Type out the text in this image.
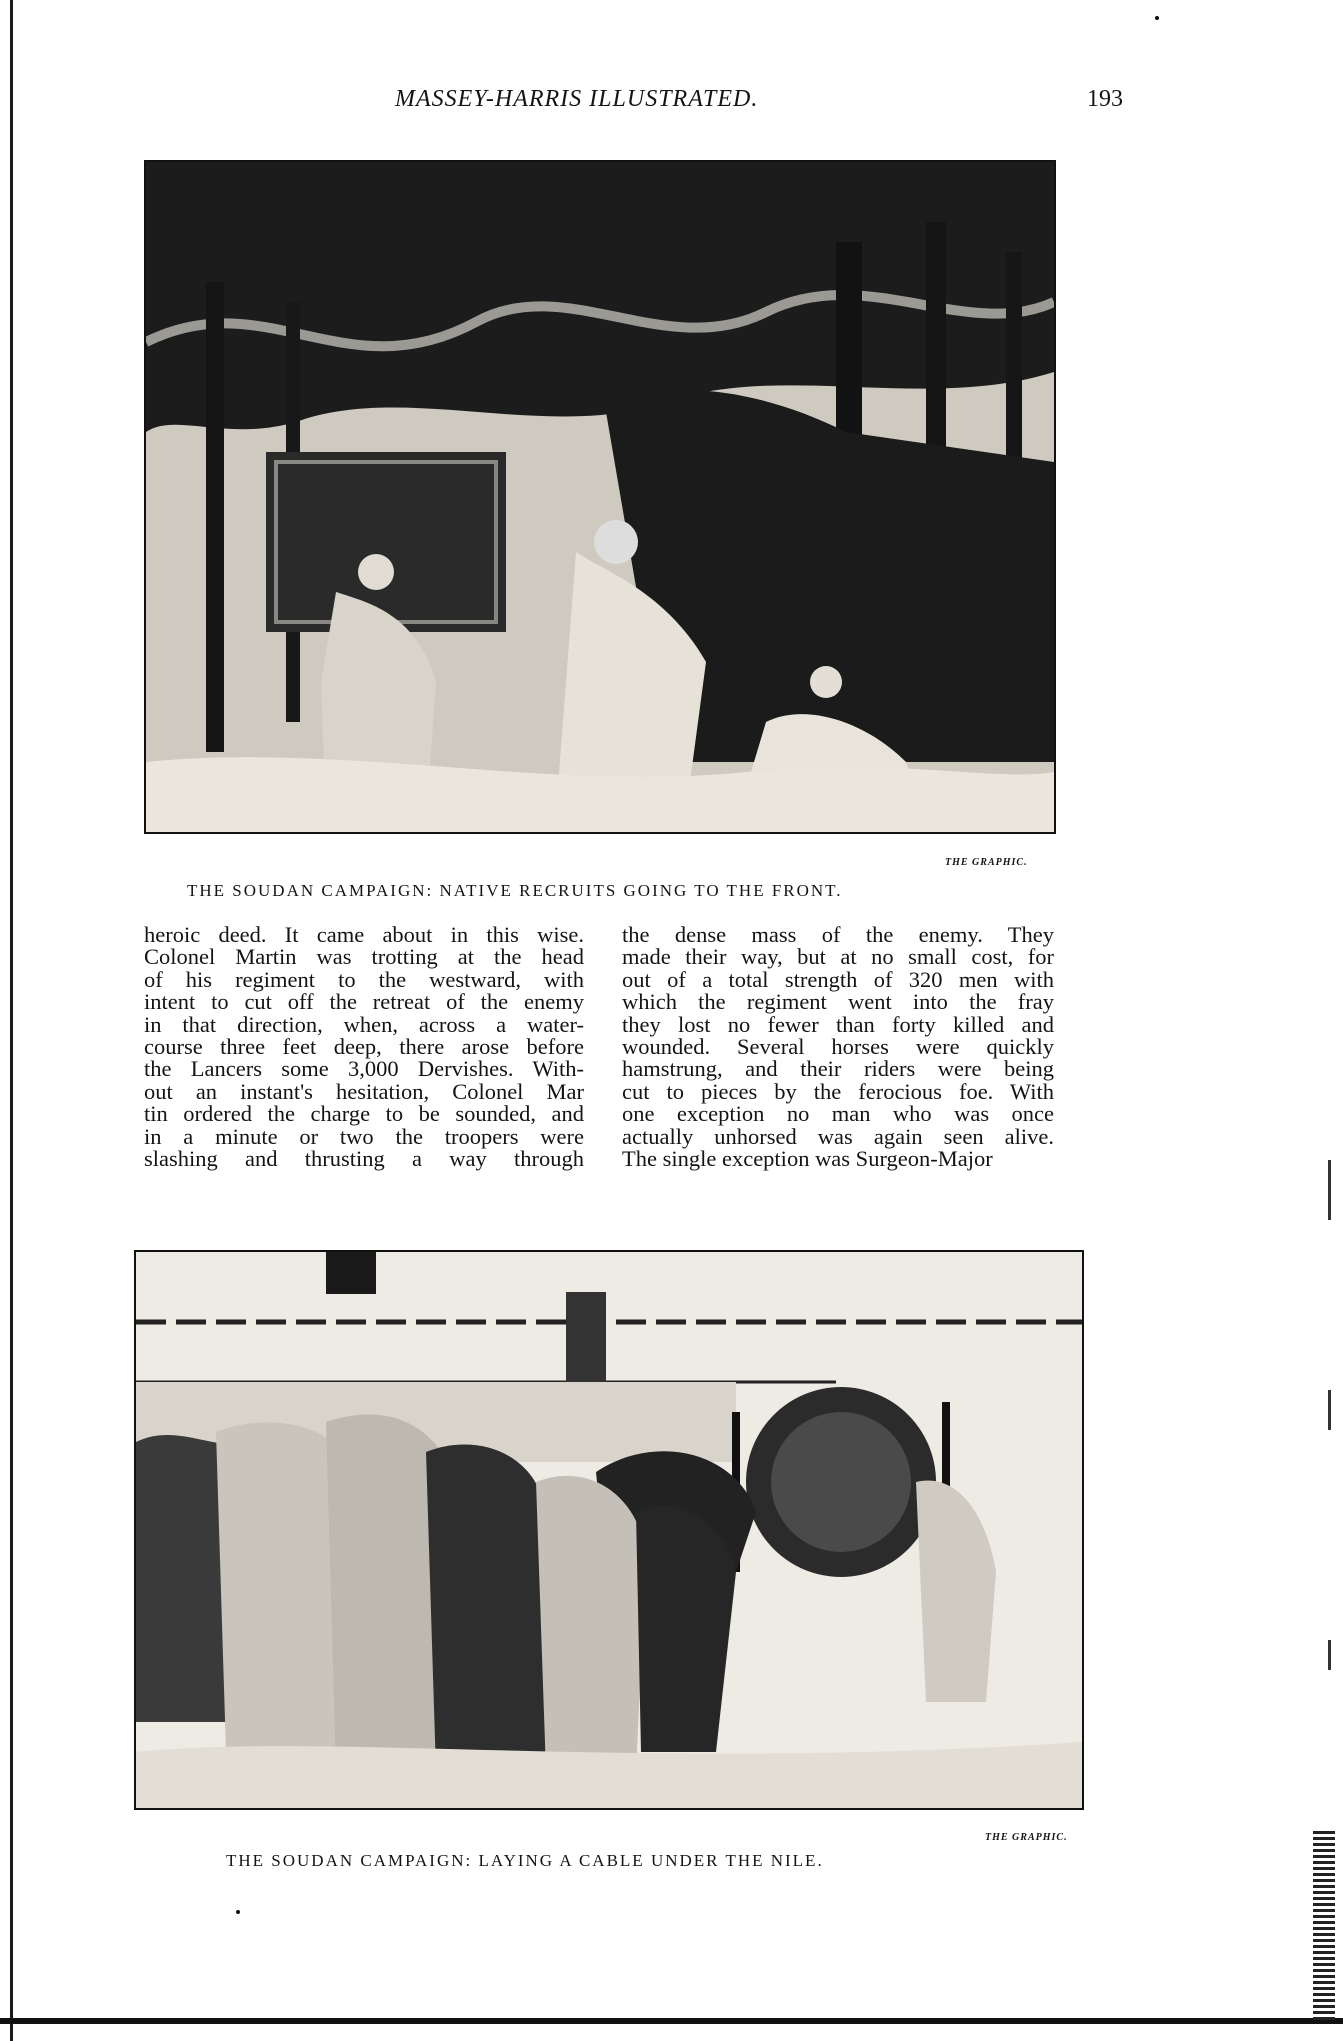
MASSEY-HARRIS ILLUSTRATED.	193
THE GRAPHIC.
THE SOUDAN CAMPAIGN: NATIVE RECRUITS GOING TO THE FRONT.
heroic deed. It came about in this wise.
Colonel Martin was trotting at the head
of his regiment to the westward, with
intent to cut off the retreat of the enemy
in that direction, when, across a water-
course three feet deep, there arose before
the Lancers some 3,000 Dervishes. With-
out an instant's hesitation, Colonel Mar
tin ordered the charge to be sounded, and
in a minute or two the troopers were
slashing and thrusting a way through
the dense mass of the enemy. They
made their way, but at no small cost, for
out of a total strength of 320 men with
which the regiment went into the fray
they lost no fewer than forty killed and
wounded. Several horses were quickly
hamstrung, and their riders were being
cut to pieces by the ferocious foe. With
one exception no man who was once
actually unhorsed was again seen alive.
The single exception was Surgeon-Major
THE GRAPHIC.
THE SOUDAN CAMPAIGN: LAYING A CABLE UNDER THE NILE.
